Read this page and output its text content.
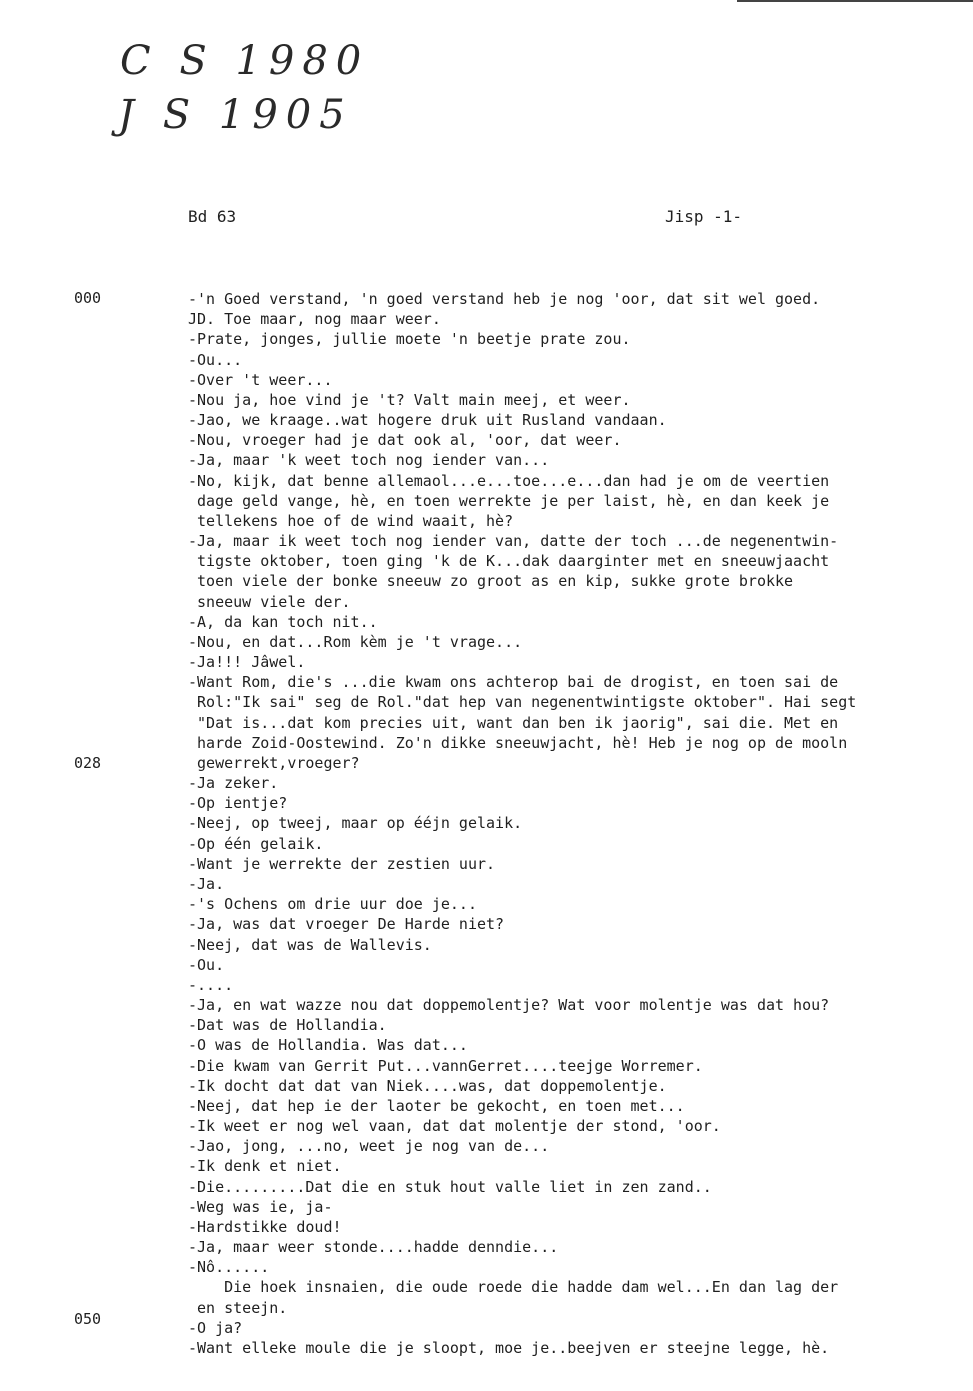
C S 1980
J S 1905
Bd 63	Jisp -1-
000
028
050
-'n Goed verstand, 'n goed verstand heb je nog 'oor, dat sit wel goed.
JD. Toe maar, nog maar weer.
-Prate, jonges, jullie moete 'n beetje prate zou.
-Ou...
-Over 't weer...
-Nou ja, hoe vind je 't? Valt main meej, et weer.
-Jao, we kraage..wat hogere druk uit Rusland vandaan.
-Nou, vroeger had je dat ook al, 'oor, dat weer.
-Ja, maar 'k weet toch nog iender van...
-No, kijk, dat benne allemaol...e...toe...e...dan had je om de veertien
dage geld vange, hè, en toen werrekte je per laist, hè, en dan keek je
tellekens hoe of de wind waait, hè?
-Ja, maar ik weet toch nog iender van, datte der toch ...de negenentwin-
tigste oktober, toen ging 'k de K...dak daarginter met en sneeuwjaacht
toen viele der bonke sneeuw zo groot as en kip, sukke grote brokke
sneeuw viele der.
-A, da kan toch nit..
-Nou, en dat...Rom kèm je 't vrage...
-Ja!!! Jâwel.
-Want Rom, die's ...die kwam ons achterop bai de drogist, en toen sai de
Rol:"Ik sai" seg de Rol."dat hep van negenentwintigste oktober". Hai segt
"Dat is...dat kom precies uit, want dan ben ik jaorig", sai die. Met en
harde Zoid-Oostewind. Zo'n dikke sneeuwjacht, hè! Heb je nog op de mooln
gewerrekt,vroeger?
-Ja zeker.
-Op ientje?
-Neej, op tweej, maar op ééjn gelaik.
-Op één gelaik.
-Want je werrekte der zestien uur.
-Ja.
-'s Ochens om drie uur doe je...
-Ja, was dat vroeger De Harde niet?
-Neej, dat was de Wallevis.
-Ou.
-....
-Ja, en wat wazze nou dat doppemolentje? Wat voor molentje was dat hou?
-Dat was de Hollandia.
-O was de Hollandia. Was dat...
-Die kwam van Gerrit Put...vannGerret....teejge Worremer.
-Ik docht dat dat van Niek....was, dat doppemolentje.
-Neej, dat hep ie der laoter be gekocht, en toen met...
-Ik weet er nog wel vaan, dat dat molentje der stond, 'oor.
-Jao, jong, ...no, weet je nog van de...
-Ik denk et niet.
-Die.........Dat die en stuk hout valle liet in zen zand..
-Weg was ie, ja-
-Hardstikke doud!
-Ja, maar weer stonde....hadde denndie...
-Nô......
Die hoek insnaien, die oude roede die hadde dam wel...En dan lag der
en steejn.
-O ja?
-Want elleke moule die je sloopt, moe je..beejven er steejne legge, hè.
